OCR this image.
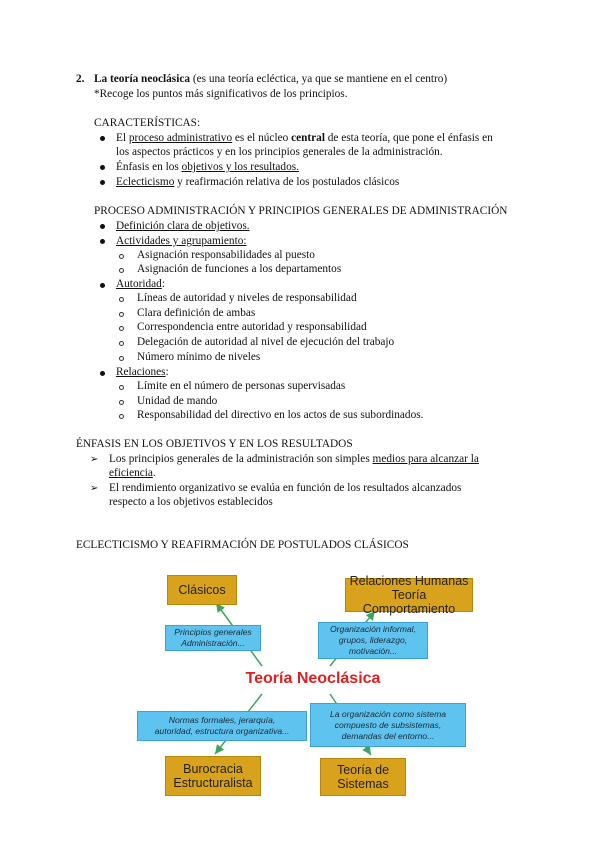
2. La teoría neoclásica (es una teoría ecléctica, ya que se mantiene en el centro)
*Recoge los puntos más significativos de los principios.
CARACTERÍSTICAS:
El proceso administrativo es el núcleo central de esta teoría, que pone el énfasis en
los aspectos prácticos y en los principios generales de la administración.
Énfasis en los objetivos y los resultados.
Eclecticismo y reafirmación relativa de los postulados clásicos
PROCESO ADMINISTRACIÓN Y PRINCIPIOS GENERALES DE ADMINISTRACIÓN
Definición clara de objetivos.
Actividades y agrupamiento:
Asignación responsabilidades al puesto
Asignación de funciones a los departamentos
Autoridad:
Líneas de autoridad y niveles de responsabilidad
Clara definición de ambas
Correspondencia entre autoridad y responsabilidad
Delegación de autoridad al nivel de ejecución del trabajo
Número mínimo de niveles
Relaciones:
Límite en el número de personas supervisadas
Unidad de mando
Responsabilidad del directivo en los actos de sus subordinados.
ÉNFASIS EN LOS OBJETIVOS Y EN LOS RESULTADOS
➢ Los principios generales de la administración son simples medios para alcanzar la
eficiencia.
➢ El rendimiento organizativo se evalúa en función de los resultados alcanzados
respecto a los objetivos establecidos
ECLECTICISMO Y REAFIRMACIÓN DE POSTULADOS CLÁSICOS
Clásicos
Principios generales
Administración...
Relaciones Humanas
Teoría Comportamiento
Organización informal,
grupos, liderazgo,
motivación...
Teoría Neoclásica
Normas formales, jerarquía,
autoridad, estructura organizativa...
La organización como sistema
compuesto de subsistemas,
demandas del entorno...
Burocracia
Estructuralista
Teoría de
Sistemas
